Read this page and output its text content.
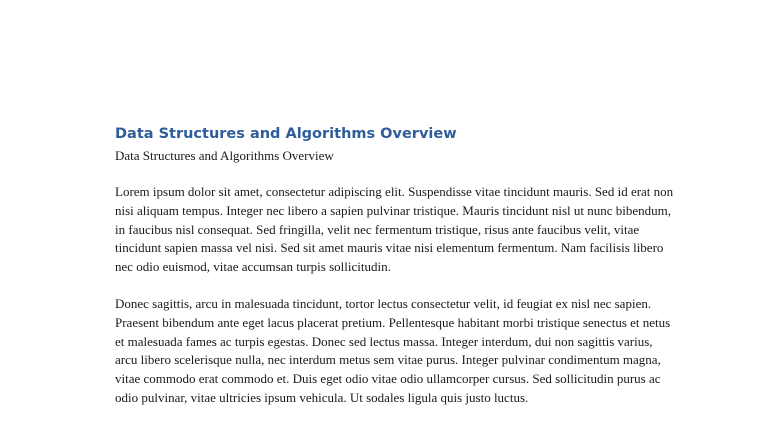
Data Structures and Algorithms Overview

Data Structures and Algorithms Overview

Lorem ipsum dolor sit amet, consectetur adipiscing elit. Suspendisse vitae tincidunt mauris. Sed id erat non nisi aliquam tempus. Integer nec libero a sapien pulvinar tristique. Mauris tincidunt nisl ut nunc bibendum, in faucibus nisl consequat. Sed fringilla, velit nec fermentum tristique, risus ante faucibus velit, vitae tincidunt sapien massa vel nisi. Sed sit amet mauris vitae nisi elementum fermentum. Nam facilisis libero nec odio euismod, vitae accumsan turpis sollicitudin.

Donec sagittis, arcu in malesuada tincidunt, tortor lectus consectetur velit, id feugiat ex nisl nec sapien. Praesent bibendum ante eget lacus placerat pretium. Pellentesque habitant morbi tristique senectus et netus et malesuada fames ac turpis egestas. Donec sed lectus massa. Integer interdum, dui non sagittis varius, arcu libero scelerisque nulla, nec interdum metus sem vitae purus. Integer pulvinar condimentum magna, vitae commodo erat commodo et. Duis eget odio vitae odio ullamcorper cursus. Sed sollicitudin purus ac odio pulvinar, vitae ultricies ipsum vehicula. Ut sodales ligula quis justo luctus.
